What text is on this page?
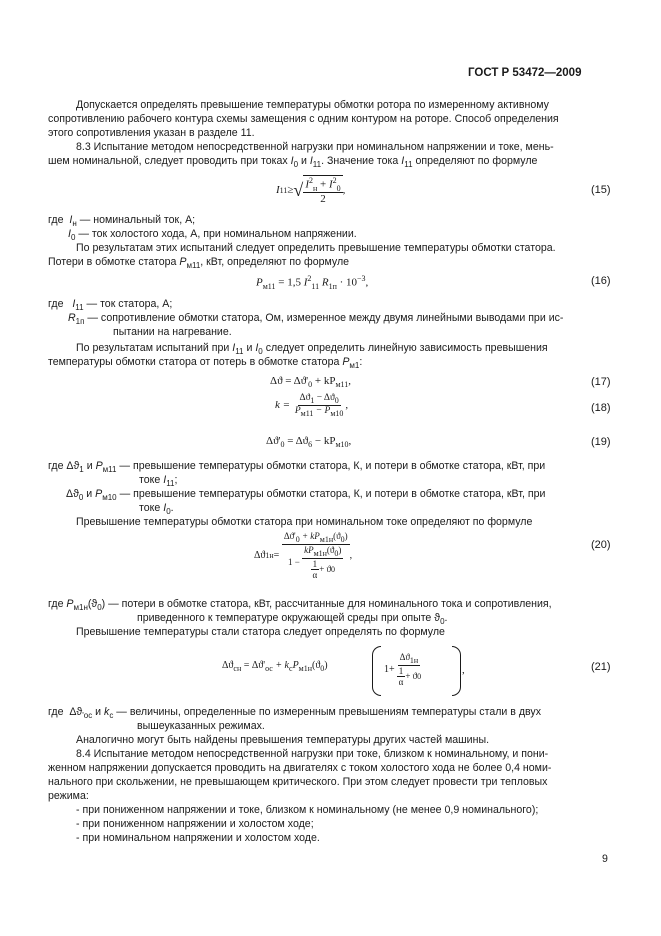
ГОСТ Р 53472—2009
Допускается определять превышение температуры обмотки ротора по измеренному активному
сопротивлению рабочего контура схемы замещения с одним контуром на роторе. Способ определения
этого сопротивления указан в разделе 11.
8.3 Испытание методом непосредственной нагрузки при номинальном напряжении и токе, мень-
шем номинальной, следует проводить при токах $I_0$ и $I_{11}$. Значение тока $I_{11}$ определяют по формуле
I 11 ≥ √ $\frac{I^2_н + I^2_0}{2}$ ,	(15)
где $I_н$ — номинальный ток, А;
$I_0$ — ток холостого хода, А, при номинальном напряжении.
По результатам этих испытаний следует определить превышение температуры обмотки статора.
Потери в обмотке статора $P_{м11}$, кВт, определяют по формуле
$P_{м11} = 1,5$ $I^2_{11}$ $R_{1п} \cdot 10^{-3}$,	(16)
где $I_{11}$ — ток статора, А;
$R_{1п}$ — сопротивление обмотки статора, Ом, измеренное между двумя линейными выводами при ис-
пытании на нагревание.
По результатам испытаний при $I_{11}$ и $I_0$ следует определить линейную зависимость превышения
температуры обмотки статора от потерь в обмотке статора $P_{м1}$:
$\Delta ϑ = \Delta ϑ'_0 + kP_{м11}$,	(17)
k =
$\frac{\Delta ϑ_1 - \Delta ϑ_0}{P_{м11} - P_{м10}}$ ,	(18)
$\Delta ϑ'_0 = \Delta ϑ_6 - kP_{м10}$,	(19)
где $\Delta ϑ_1$ и $P_{м11}$ — превышение температуры обмотки статора, К, и потери в обмотке статора, кВт, при
токе $I_{11}$;
$\Delta ϑ_0$ и $P_{м10}$ — превышение температуры обмотки статора, К, и потери в обмотке статора, кВт, при
токе $I_0$.
Превышение температуры обмотки статора при номинальном токе определяют по формуле
Δϑ 1н =

$\Delta ϑ'_0 + kP_{м1н}(ϑ_0)$
1 −
$\frac{kP_{м1н}(ϑ_0)}{\frac{1}{\alpha} + ϑ 0}$ ,
(20)
где $P_{м1н}(ϑ_0)$ — потери в обмотке статора, кВт, рассчитанные для номинального тока и сопротивления,
приведенного к температуре окружающей среды при опыте $ϑ_0$.
Превышение температуры стали статора следует определять по формуле
$\Delta ϑ_{сн} = \Delta ϑ'_{ос} + k_сP_{м1н}(ϑ_0)$	$1+ \frac{\Delta ϑ_{1н}}{\frac{1}{\alpha} + ϑ 0}$	,	(21)
где $\Delta ϑ_{'ос}$ и $k_с$ — величины, определенные по измеренным превышениям температуры стали в двух
вышеуказанных режимах.
Аналогично могут быть найдены превышения температуры других частей машины.
8.4 Испытание методом непосредственной нагрузки при токе, близком к номинальному, и пони-
женном напряжении допускается проводить на двигателях с током холостого хода не более 0,4 номи-
нального при скольжении, не превышающем критического. При этом следует провести три тепловых
режима:
- при пониженном напряжении и токе, близком к номинальному (не менее 0,9 номинального);
- при пониженном напряжении и холостом ходе;
- при номинальном напряжении и холостом ходе.
9
